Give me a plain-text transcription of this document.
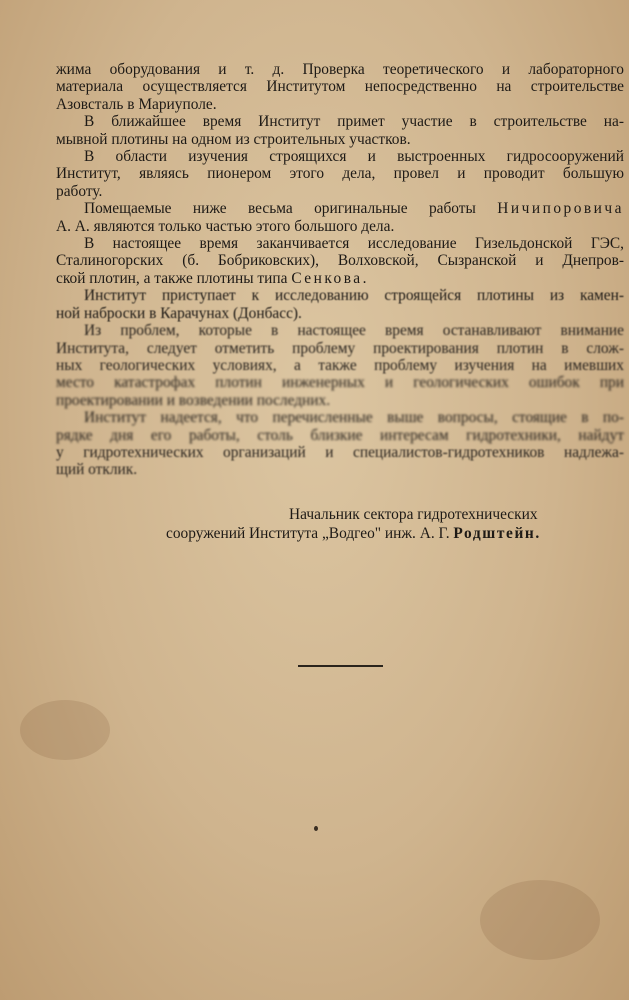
жима оборудования и т. д. Проверка теоретического и лабораторного
материала осуществляется Институтом непосредственно на строительстве
Азовсталь в Мариуполе.
В ближайшее время Институт примет участие в строительстве на-
мывной плотины на одном из строительных участков.
В области изучения строящихся и выстроенных гидросооружений
Институт, являясь пионером этого дела, провел и проводит большую
работу.
Помещаемые ниже весьма оригинальные работы Ничипоровича
А. А. являются только частью этого большого дела.
В настоящее время заканчивается исследование Гизельдонской ГЭС,
Сталиногорских (б. Бобриковских), Волховской, Сызранской и Днепров-
ской плотин, а также плотины типа Сенкова.
Институт приступает к исследованию строящейся плотины из камен-
ной наброски в Карачунах (Донбасс).
Из проблем, которые в настоящее время останавливают внимание
Института, следует отметить проблему проектирования плотин в слож-
ных геологических условиях, а также проблему изучения на имевших
место катастрофах плотин инженерных и геологических ошибок при
проектировании и возведении последних.
Институт надеется, что перечисленные выше вопросы, стоящие в по-
рядке дня его работы, столь близкие интересам гидротехники, найдут
у гидротехнических организаций и специалистов-гидротехников надлежа-
щий отклик.
Начальник сектора гидротехнических
сооружений Института „Водгео" инж. А. Г. Родштейн.
